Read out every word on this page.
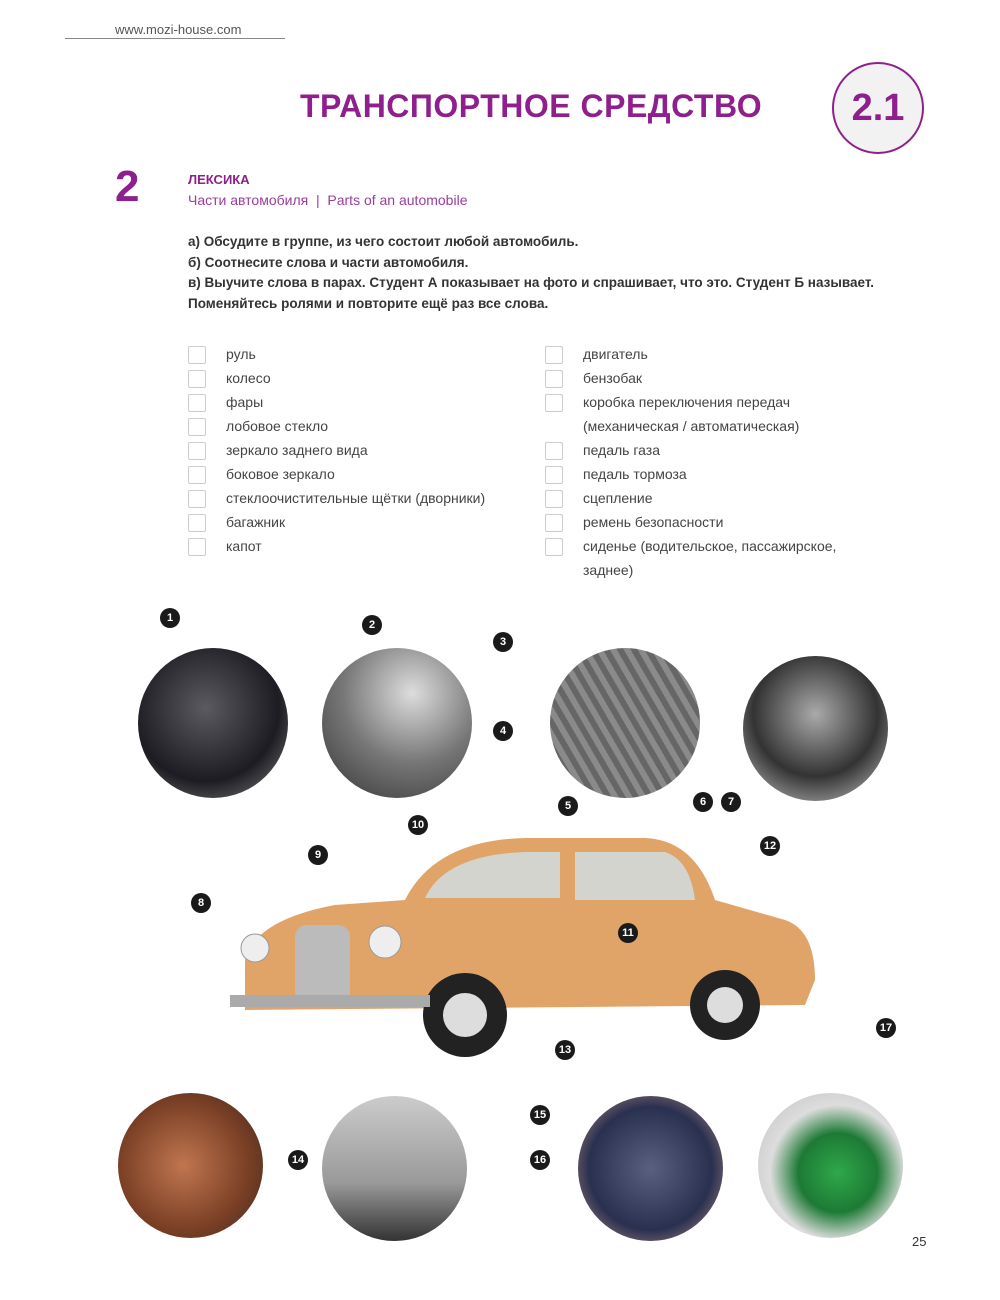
www.mozi-house.com
ТРАНСПОРТНОЕ СРЕДСТВО	2.1
2	ЛЕКСИКА
Части автомобиля  |  Parts of an automobile
а) Обсудите в группе, из чего состоит любой автомобиль.
б) Соотнесите слова и части автомобиля.
в) Выучите слова в парах. Студент А показывает на фото и спрашивает, что это. Студент Б называет. Поменяйтесь ролями и повторите ещё раз все слова.
руль
колесо
фары
лобовое стекло
зеркало заднего вида
боковое зеркало
стеклоочистительные щётки (дворники)
багажник
капот
двигатель
бензобак
коробка переключения передач (механическая / автоматическая)
педаль газа
педаль тормоза
сцепление
ремень безопасности
сиденье (водительское, пассажирское, заднее)
1
2
3
4
5	6	7
8
9
10
11
12
13
14
15
16
17
25
